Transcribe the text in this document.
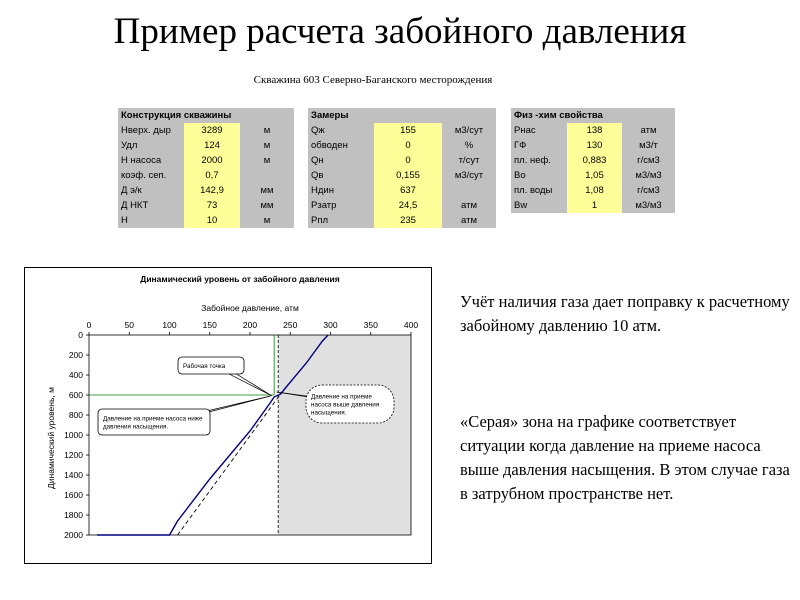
Пример расчета забойного давления
Скважина 603 Северно-Баганского месторождения
Конструкция скважины		
Нверх. дыр	3289	м
Удл	124	м
Н насоса	2000	м
коэф. сеп.	0,7	
Д э/к	142,9	мм
Д НКТ	73	мм
Н	10	м
Замеры		
Qж	155	м3/сут
обводен	0	%
Qн	0	т/сут
Qв	0,155	м3/сут
Ндин	637	
Рзатр	24,5	атм
Рпл	235	атм
Физ -хим свойства		
Рнас	138	атм
ГФ	130	м3/т
пл. неф.	0,883	г/см3
Во	1,05	м3/м3
пл. воды	1,08	г/см3
Bw	1	м3/м3
Динамический уровень от забойного давления
Забойное давление, атм
Динамический уровень, м
0	50	100	150	200	250	300	350	400
0
200
400
600
800
1000
1200
1400
1600
1800
2000
Рабочая точка
Давление на приеме насоса ниже давления насыщения.
Давление на приеме насоса выше давления насыщения.
Учёт наличия газа дает поправку к расчетному забойному давлению 10 атм.
«Серая» зона на графике соответствует ситуации когда давление на приеме насоса выше давления насыщения. В этом случае газа в затрубном пространстве нет.
